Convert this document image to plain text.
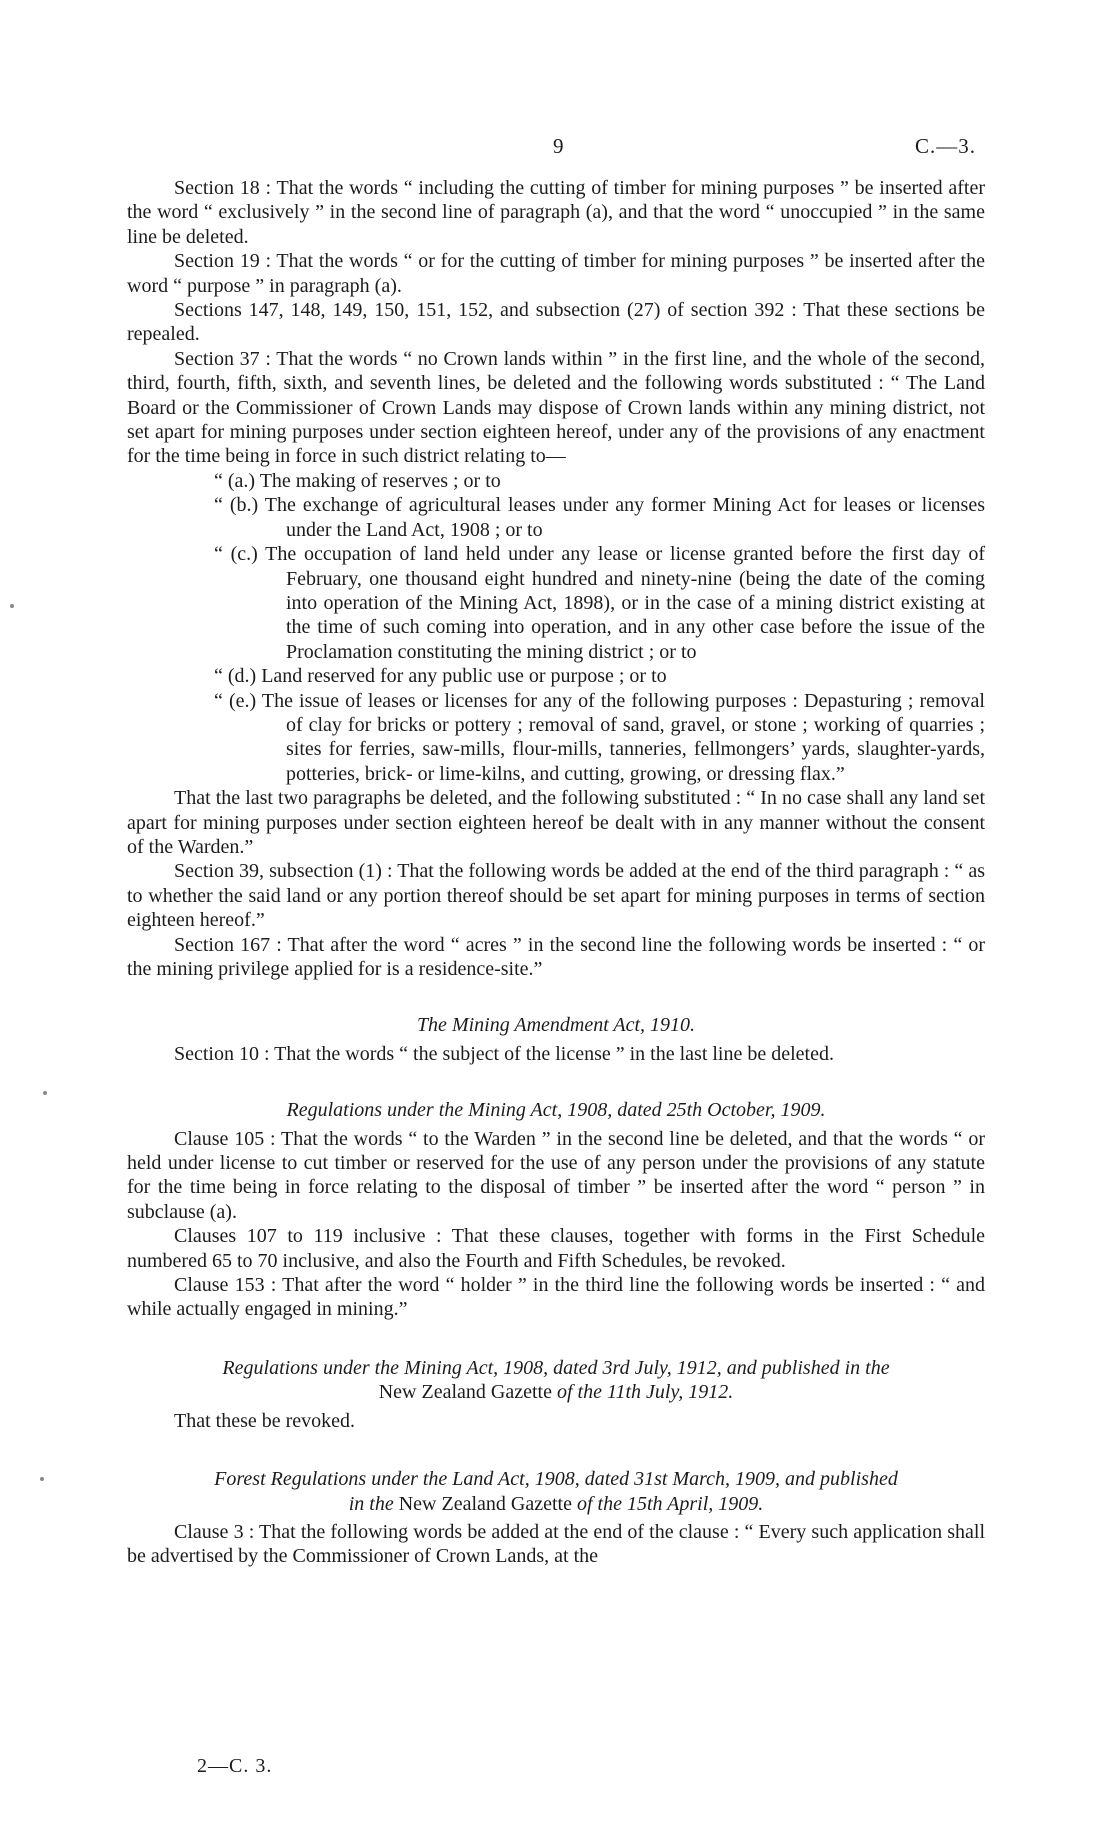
9	C.—3.

Section 18 : That the words “ including the cutting of timber for mining purposes ” be inserted after the word “ exclusively ” in the second line of paragraph (a), and that the word “ unoccupied ” in the same line be deleted.

Section 19 : That the words “ or for the cutting of timber for mining purposes ” be inserted after the word “ purpose ” in paragraph (a).

Sections 147, 148, 149, 150, 151, 152, and subsection (27) of section 392 : That these sections be repealed.

Section 37 : That the words “ no Crown lands within ” in the first line, and the whole of the second, third, fourth, fifth, sixth, and seventh lines, be deleted and the following words substituted : “ The Land Board or the Commissioner of Crown Lands may dispose of Crown lands within any mining district, not set apart for mining purposes under section eighteen hereof, under any of the provisions of any enactment for the time being in force in such district relating to—

“ (a.) The making of reserves ; or to

“ (b.) The exchange of agricultural leases under any former Mining Act for leases or licenses under the Land Act, 1908 ; or to

“ (c.) The occupation of land held under any lease or license granted before the first day of February, one thousand eight hundred and ninety-nine (being the date of the coming into operation of the Mining Act, 1898), or in the case of a mining district existing at the time of such coming into operation, and in any other case before the issue of the Proclamation constituting the mining district ; or to

“ (d.) Land reserved for any public use or purpose ; or to

“ (e.) The issue of leases or licenses for any of the following purposes : Depasturing ; removal of clay for bricks or pottery ; removal of sand, gravel, or stone ; working of quarries ; sites for ferries, saw-mills, flour-mills, tanneries, fellmongers’ yards, slaughter-yards, potteries, brick- or lime-kilns, and cutting, growing, or dressing flax.”

That the last two paragraphs be deleted, and the following substituted : “ In no case shall any land set apart for mining purposes under section eighteen hereof be dealt with in any manner without the consent of the Warden.”

Section 39, subsection (1) : That the following words be added at the end of the third paragraph : “ as to whether the said land or any portion thereof should be set apart for mining purposes in terms of section eighteen hereof.”

Section 167 : That after the word “ acres ” in the second line the following words be inserted : “ or the mining privilege applied for is a residence-site.”

The Mining Amendment Act, 1910.

Section 10 : That the words “ the subject of the license ” in the last line be deleted.

Regulations under the Mining Act, 1908, dated 25th October, 1909.

Clause 105 : That the words “ to the Warden ” in the second line be deleted, and that the words “ or held under license to cut timber or reserved for the use of any person under the provisions of any statute for the time being in force relating to the disposal of timber ” be inserted after the word “ person ” in subclause (a).

Clauses 107 to 119 inclusive : That these clauses, together with forms in the First Schedule numbered 65 to 70 inclusive, and also the Fourth and Fifth Schedules, be revoked.

Clause 153 : That after the word “ holder ” in the third line the following words be inserted : “ and while actually engaged in mining.”

Regulations under the Mining Act, 1908, dated 3rd July, 1912, and published in the
New Zealand Gazette of the 11th July, 1912.

That these be revoked.

Forest Regulations under the Land Act, 1908, dated 31st March, 1909, and published
in the New Zealand Gazette of the 15th April, 1909.

Clause 3 : That the following words be added at the end of the clause : “ Every such application shall be advertised by the Commissioner of Crown Lands, at the

2—C. 3.
